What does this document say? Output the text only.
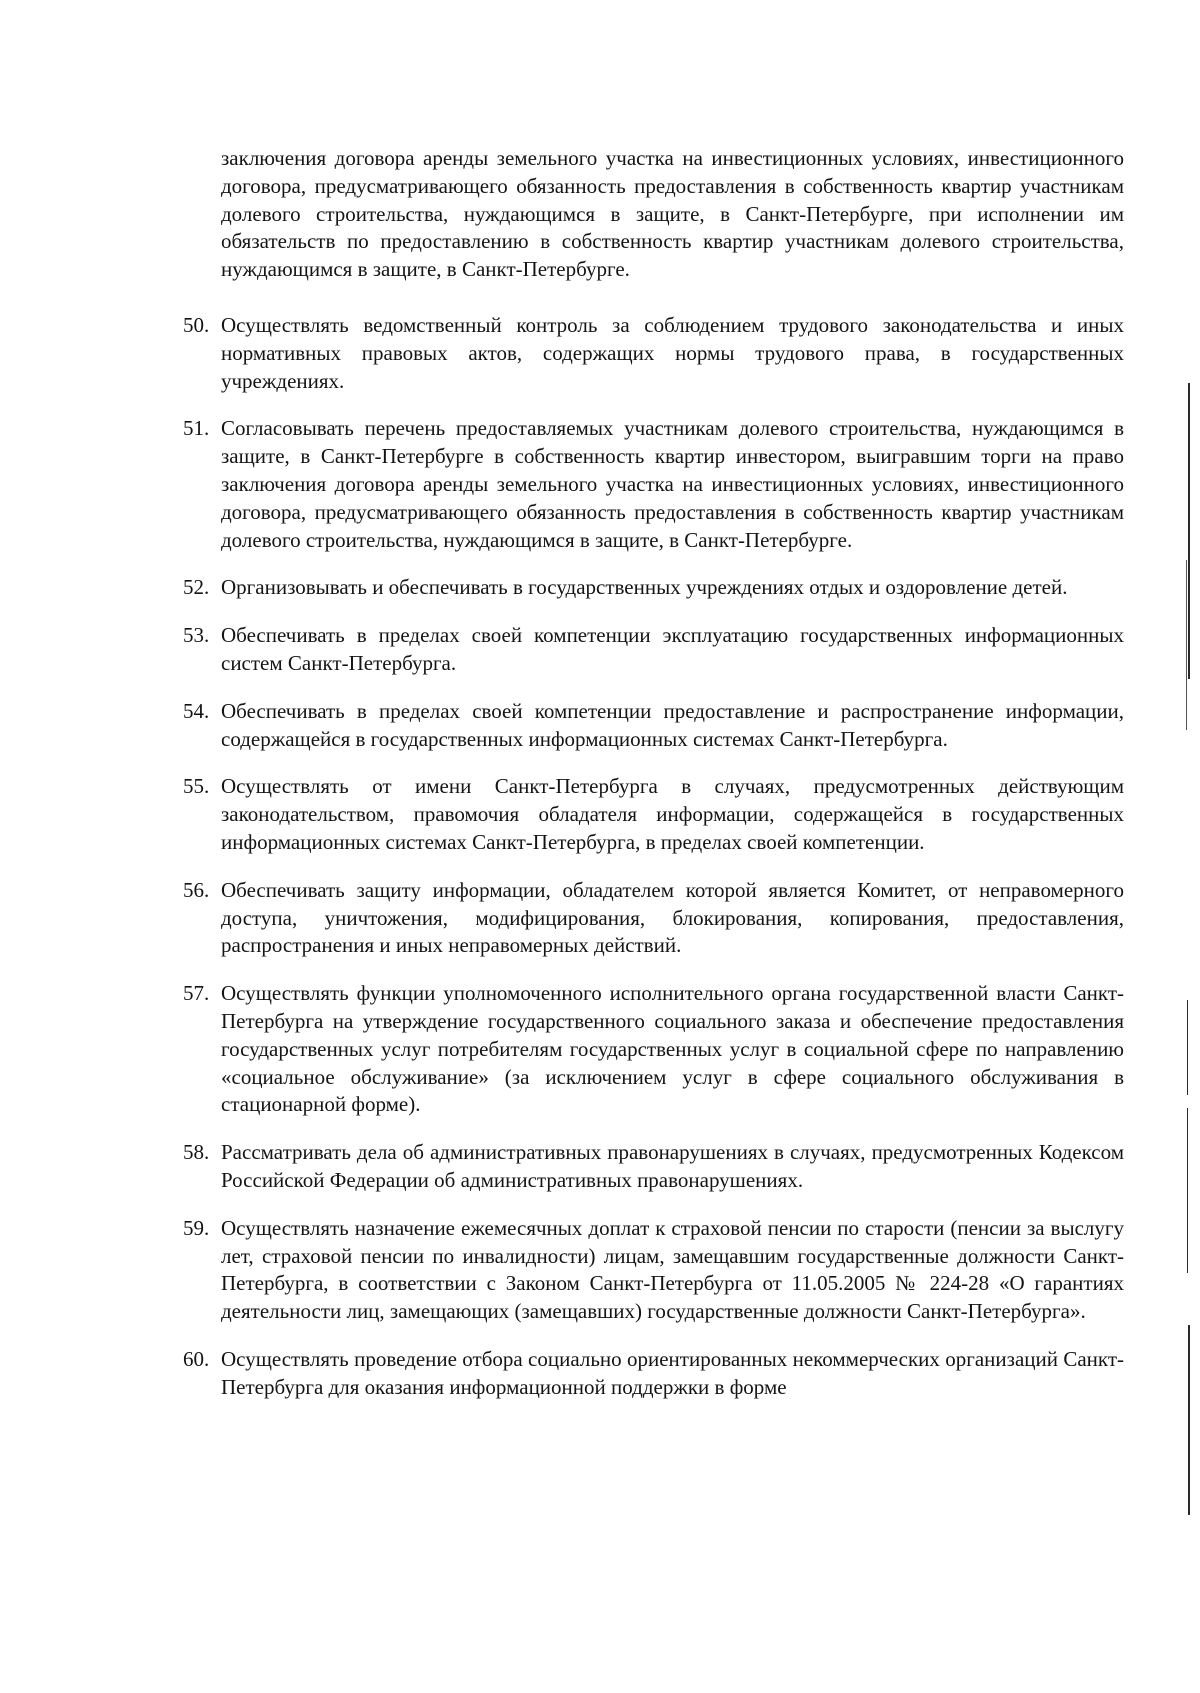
заключения договора аренды земельного участка на инвестиционных условиях, инвестиционного договора, предусматривающего обязанность предоставления в собственность квартир участникам долевого строительства, нуждающимся в защите, в Санкт-Петербурге, при исполнении им обязательств по предоставлению в собственность квартир участникам долевого строительства, нуждающимся в защите, в Санкт-Петербурге.

50. Осуществлять ведомственный контроль за соблюдением трудового законодательства и иных нормативных правовых актов, содержащих нормы трудового права, в государственных учреждениях.
51. Согласовывать перечень предоставляемых участникам долевого строительства, нуждающимся в защите, в Санкт-Петербурге в собственность квартир инвестором, выигравшим торги на право заключения договора аренды земельного участка на инвестиционных условиях, инвестиционного договора, предусматривающего обязанность предоставления в собственность квартир участникам долевого строительства, нуждающимся в защите, в Санкт-Петербурге.
52. Организовывать и обеспечивать в государственных учреждениях отдых и оздоровление детей.
53. Обеспечивать в пределах своей компетенции эксплуатацию государственных информационных систем Санкт-Петербурга.
54. Обеспечивать в пределах своей компетенции предоставление и распространение информации, содержащейся в государственных информационных системах Санкт-Петербурга.
55. Осуществлять от имени Санкт-Петербурга в случаях, предусмотренных действующим законодательством, правомочия обладателя информации, содержащейся в государственных информационных системах Санкт-Петербурга, в пределах своей компетенции.
56. Обеспечивать защиту информации, обладателем которой является Комитет, от неправомерного доступа, уничтожения, модифицирования, блокирования, копирования, предоставления, распространения и иных неправомерных действий.
57. Осуществлять функции уполномоченного исполнительного органа государственной власти Санкт-Петербурга на утверждение государственного социального заказа и обеспечение предоставления государственных услуг потребителям государственных услуг в социальной сфере по направлению «социальное обслуживание» (за исключением услуг в сфере социального обслуживания в стационарной форме).
58. Рассматривать дела об административных правонарушениях в случаях, предусмотренных Кодексом Российской Федерации об административных правонарушениях.
59. Осуществлять назначение ежемесячных доплат к страховой пенсии по старости (пенсии за выслугу лет, страховой пенсии по инвалидности) лицам, замещавшим государственные должности Санкт-Петербурга, в соответствии с Законом Санкт-Петербурга от 11.05.2005 № 224-28 «О гарантиях деятельности лиц, замещающих (замещавших) государственные должности Санкт-Петербурга».
60. Осуществлять проведение отбора социально ориентированных некоммерческих организаций Санкт-Петербурга для оказания информационной поддержки в форме
